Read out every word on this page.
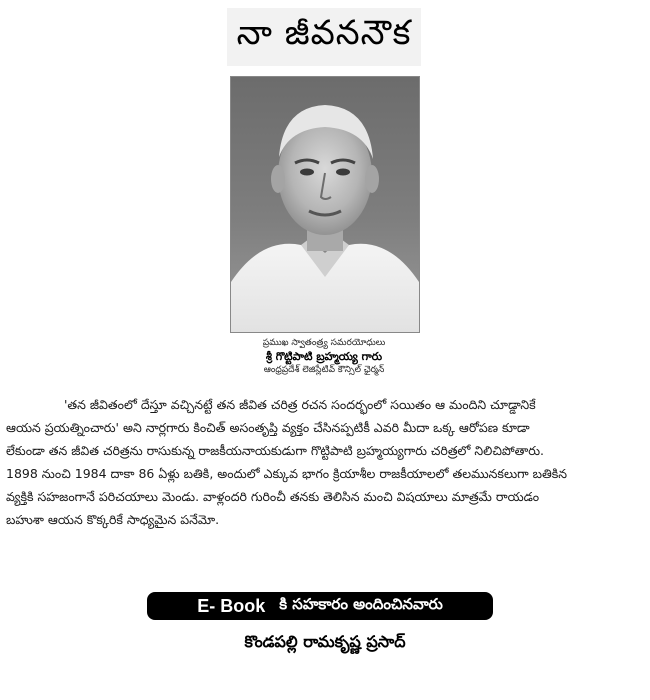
నా జీవననౌక
ప్రముఖ స్వాతంత్ర్య సమరయోధులు
శ్రీ గొట్టిపాటి బ్రహ్మయ్య గారు
ఆంధ్రప్రదేశ్ లెజిస్లేటివ్ కౌన్సిల్ ఛైర్మన్
'తన జీవితంలో దేస్తూ వచ్చినట్టే తన జీవిత చరిత్ర రచన సందర్భంలో సయితం ఆ మందిని చూడ్డానికే
ఆయన ప్రయత్నించారు' అని నార్లగారు కించిత్ అసంతృప్తి వ్యక్తం చేసినప్పటికీ ఎవరి మీదా ఒక్క ఆరోపణ కూడా
లేకుండా తన జీవిత చరిత్రను రాసుకున్న రాజకీయనాయకుడుగా గొట్టిపాటి బ్రహ్మయ్యగారు చరిత్రలో నిలిచిపోతారు.
1898 నుంచి 1984 దాకా 86 ఏళ్లు బతికి, అందులో ఎక్కువ భాగం క్రియాశీల రాజకీయాలలో తలమునకలుగా బతికిన
వ్యక్తికి సహజంగానే పరిచయాలు మెండు. వాళ్లందరి గురించీ తనకు తెలిసిన మంచి విషయాలు మాత్రమే రాయడం
బహుశా ఆయన కొక్కరికే సాధ్యమైన పనేమో.
E- Book కి సహకారం అందించినవారు
కొండపల్లి రామకృష్ణ ప్రసాద్
